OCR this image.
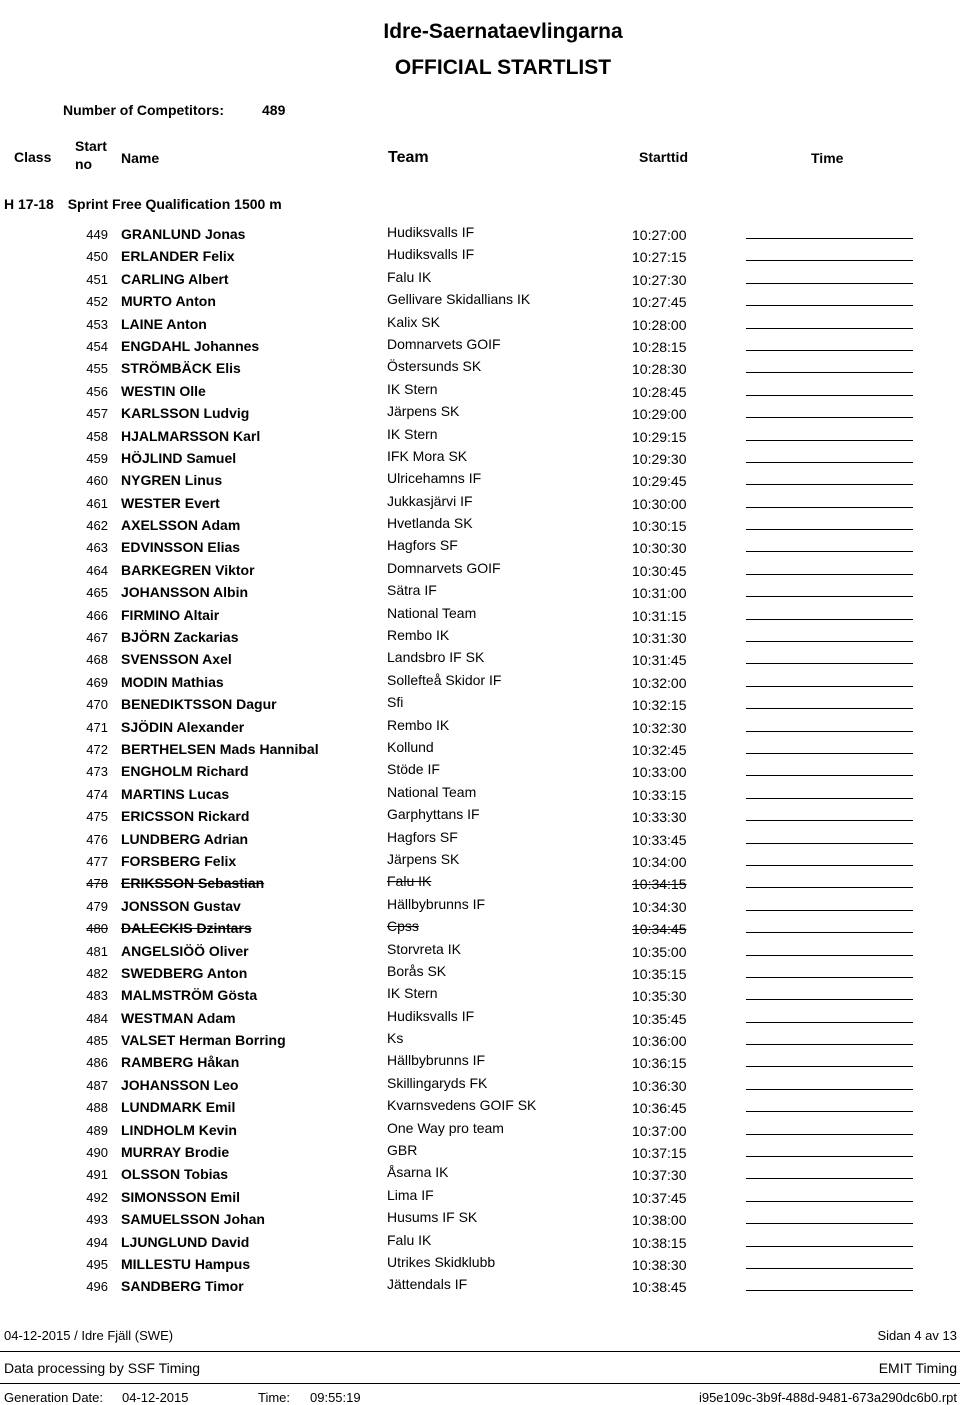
Idre-Saernataevlingarna
OFFICIAL STARTLIST
Number of Competitors:	489
Class
Start
no Name	Team	Starttid	Time
H 17-18 Sprint Free Qualification 1500 m
449 GRANLUND Jonas	Hudiksvalls IF	10:27:00
450 ERLANDER Felix	Hudiksvalls IF	10:27:15
451 CARLING Albert	Falu IK	10:27:30
452 MURTO Anton	Gellivare Skidallians IK	10:27:45
453 LAINE Anton	Kalix SK	10:28:00
454 ENGDAHL Johannes	Domnarvets GOIF	10:28:15
455 STRÖMBÄCK Elis	Östersunds SK	10:28:30
456 WESTIN Olle	IK Stern	10:28:45
457 KARLSSON Ludvig	Järpens SK	10:29:00
458 HJALMARSSON Karl	IK Stern	10:29:15
459 HÖJLIND Samuel	IFK Mora SK	10:29:30
460 NYGREN Linus	Ulricehamns IF	10:29:45
461 WESTER Evert	Jukkasjärvi IF	10:30:00
462 AXELSSON Adam	Hvetlanda SK	10:30:15
463 EDVINSSON Elias	Hagfors SF	10:30:30
464 BARKEGREN Viktor	Domnarvets GOIF	10:30:45
465 JOHANSSON Albin	Sätra IF	10:31:00
466 FIRMINO Altair	National Team	10:31:15
467 BJÖRN Zackarias	Rembo IK	10:31:30
468 SVENSSON Axel	Landsbro IF SK	10:31:45
469 MODIN Mathias	Sollefteå Skidor IF	10:32:00
470 BENEDIKTSSON Dagur	Sfi	10:32:15
471 SJÖDIN Alexander	Rembo IK	10:32:30
472 BERTHELSEN Mads Hannibal	Kollund	10:32:45
473 ENGHOLM Richard	Stöde IF	10:33:00
474 MARTINS Lucas	National Team	10:33:15
475 ERICSSON Rickard	Garphyttans IF	10:33:30
476 LUNDBERG Adrian	Hagfors SF	10:33:45
477 FORSBERG Felix	Järpens SK	10:34:00
478 ERIKSSON Sebastian	Falu IK	10:34:15
479 JONSSON Gustav	Hällbybrunns IF	10:34:30
480 DALECKIS Dzintars	Cpss	10:34:45
481 ANGELSIÖÖ Oliver	Storvreta IK	10:35:00
482 SWEDBERG Anton	Borås SK	10:35:15
483 MALMSTRÖM Gösta	IK Stern	10:35:30
484 WESTMAN Adam	Hudiksvalls IF	10:35:45
485 VALSET Herman Borring	Ks	10:36:00
486 RAMBERG Håkan	Hällbybrunns IF	10:36:15
487 JOHANSSON Leo	Skillingaryds FK	10:36:30
488 LUNDMARK Emil	Kvarnsvedens GOIF SK	10:36:45
489 LINDHOLM Kevin	One Way pro team	10:37:00
490 MURRAY Brodie	GBR	10:37:15
491 OLSSON Tobias	Åsarna IK	10:37:30
492 SIMONSSON Emil	Lima IF	10:37:45
493 SAMUELSSON Johan	Husums IF SK	10:38:00
494 LJUNGLUND David	Falu IK	10:38:15
495 MILLESTU Hampus	Utrikes Skidklubb	10:38:30
496 SANDBERG Timor	Jättendals IF	10:38:45
04-12-2015 / Idre Fjäll (SWE)	Sidan 4 av 13
Data processing by SSF Timing	EMIT Timing
Generation Date: 04-12-2015	Time: 09:55:19	i95e109c-3b9f-488d-9481-673a290dc6b0.rpt
